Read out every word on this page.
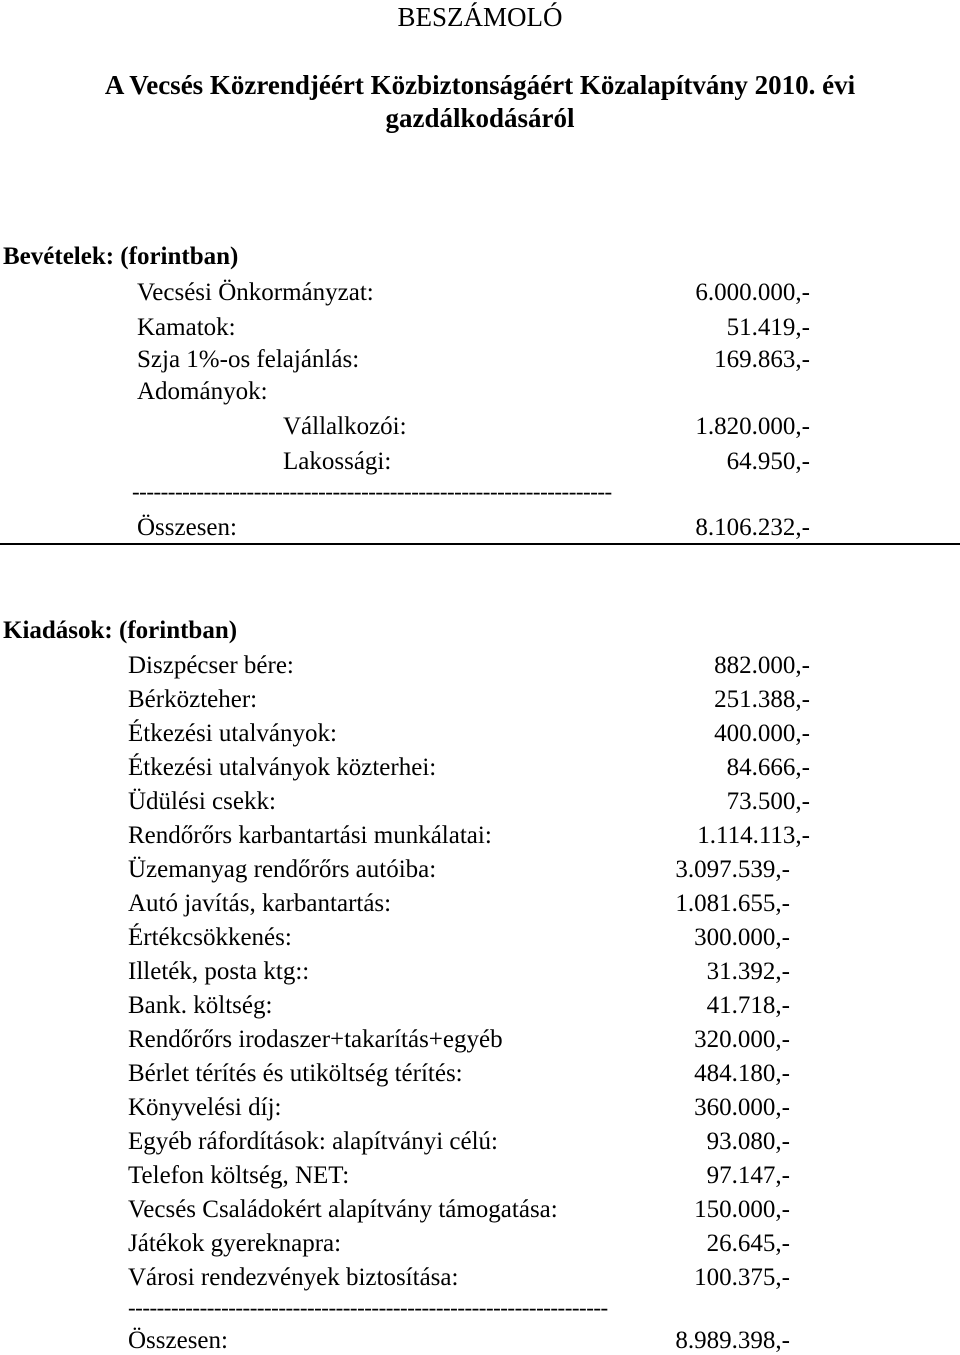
BESZÁMOLÓ
A Vecsés Közrendjéért Közbiztonságáért Közalapítvány 2010. évi
gazdálkodásáról
Bevételek: (forintban)
Vecsési Önkormányzat:	6.000.000,-
Kamatok:	51.419,-
Szja 1%-os felajánlás:	169.863,-
Adományok:
Vállalkozói:	1.820.000,-
Lakossági:	64.950,-
-------------------------------------------------------------------
Összesen:	8.106.232,-
Kiadások: (forintban)
Diszpécser bére:	882.000,-
Bérközteher:	251.388,-
Étkezési utalványok:	400.000,-
Étkezési utalványok közterhei:	84.666,-
Üdülési csekk:	73.500,-
Rendőrőrs karbantartási munkálatai:	1.114.113,-
Üzemanyag rendőrőrs autóiba:	3.097.539,-
Autó javítás, karbantartás:	1.081.655,-
Értékcsökkenés:	300.000,-
Illeték, posta ktg::	31.392,-
Bank. költség:	41.718,-
Rendőrőrs irodaszer+takarítás+egyéb	320.000,-
Bérlet térítés és utiköltség térítés:	484.180,-
Könyvelési díj:	360.000,-
Egyéb ráfordítások: alapítványi célú:	93.080,-
Telefon költség, NET:	97.147,-
Vecsés Családokért alapítvány támogatása:	150.000,-
Játékok gyereknapra:	26.645,-
Városi rendezvények biztosítása:	100.375,-
-------------------------------------------------------------------
Összesen:	8.989.398,-
